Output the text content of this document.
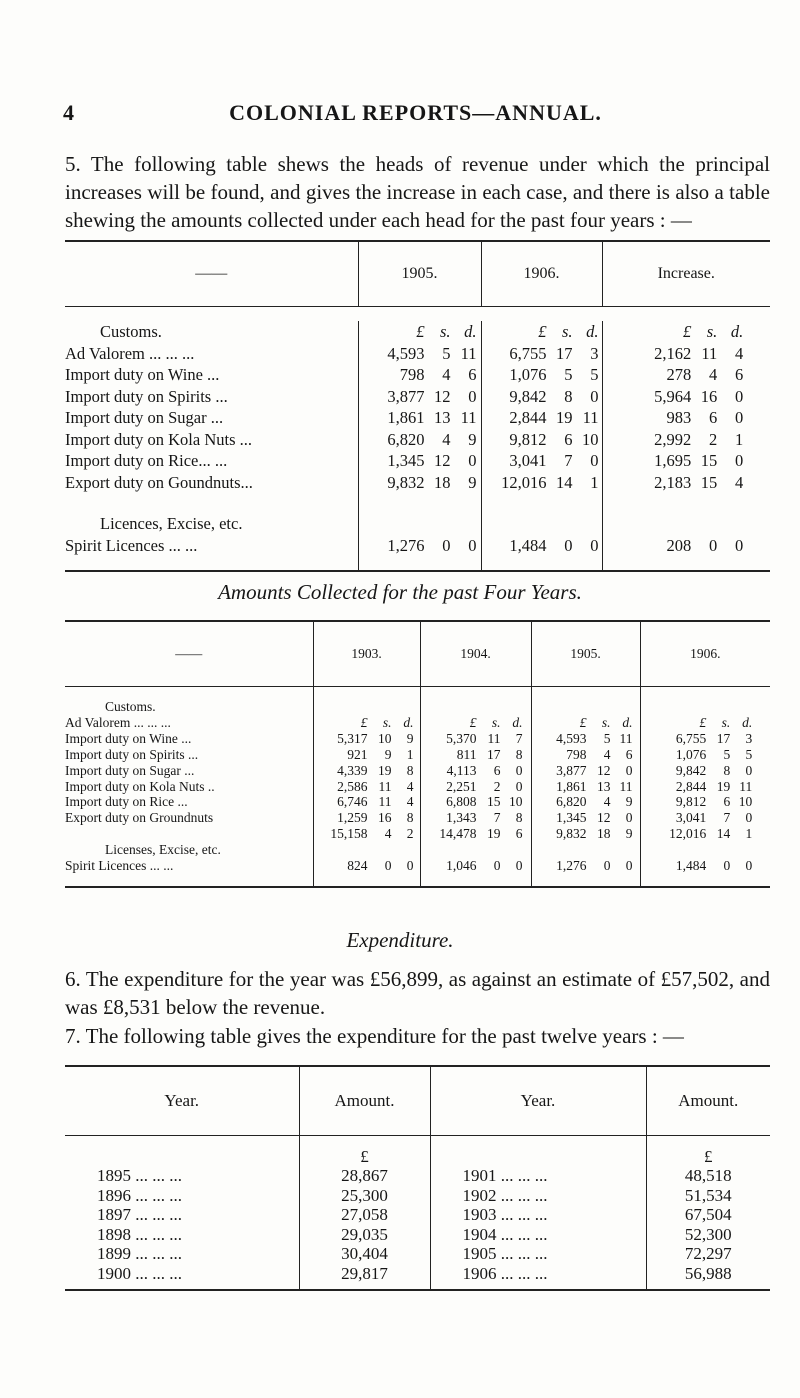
4	COLONIAL REPORTS—ANNUAL.

5. The following table shews the heads of revenue under which the principal increases will be found, and gives the increase in each case, and there is also a table shewing the amounts collected under each head for the past four years : —

——	1905.	1906.	Increase.

Customs.	£ s. d.	£ s. d.	£ s. d.

Ad Valorem ... ... ...	4,593 5 11	6,755 17 3	2,162 11 4

Import duty on Wine ...	798 4 6	1,076 5 5	278 4 6

Import duty on Spirits ...	3,877 12 0	9,842 8 0	5,964 16 0

Import duty on Sugar ...	1,861 13 11	2,844 19 11	983 6 0

Import duty on Kola Nuts ...	6,820 4 9	9,812 6 10	2,992 2 1

Import duty on Rice... ...	1,345 12 0	3,041 7 0	1,695 15 0

Export duty on Goundnuts...	9,832 18 9	12,016 14 1	2,183 15 4

Licences, Excise, etc.			
Spirit Licences ... ...	1,276 0 0	1,484 0 0	208 0 0

Amounts Collected for the past Four Years.

——	1903.	1904.	1905.	1906.

Customs.				
Ad Valorem ... ... ...	£ s. d.	£ s. d.	£ s. d.	£ s. d.

Import duty on Wine ...	5,317 10 9	5,370 11 7	4,593 5 11	6,755 17 3

Import duty on Spirits ...	921 9 1	811 17 8	798 4 6	1,076 5 5

Import duty on Sugar ...	4,339 19 8	4,113 6 0	3,877 12 0	9,842 8 0

Import duty on Kola Nuts ..	2,586 11 4	2,251 2 0	1,861 13 11	2,844 19 11

Import duty on Rice ...	6,746 11 4	6,808 15 10	6,820 4 9	9,812 6 10

Export duty on Groundnuts	1,259 16 8	1,343 7 8	1,345 12 0	3,041 7 0

	15,158 4 2	14,478 19 6	9,832 18 9	12,016 14 1

Licenses, Excise, etc.				
Spirit Licences ... ...	824 0 0	1,046 0 0	1,276 0 0	1,484 0 0

Expenditure.

6. The expenditure for the year was £56,899, as against an estimate of £57,502, and was £8,531 below the revenue.

7. The following table gives the expenditure for the past twelve years : —

Year.	Amount.	Year.	Amount.
	£		£
1895 ... ... ...	28,867	1901 ... ... ...	48,518
1896 ... ... ...	25,300	1902 ... ... ...	51,534
1897 ... ... ...	27,058	1903 ... ... ...	67,504
1898 ... ... ...	29,035	1904 ... ... ...	52,300
1899 ... ... ...	30,404	1905 ... ... ...	72,297
1900 ... ... ...	29,817	1906 ... ... ...	56,988
